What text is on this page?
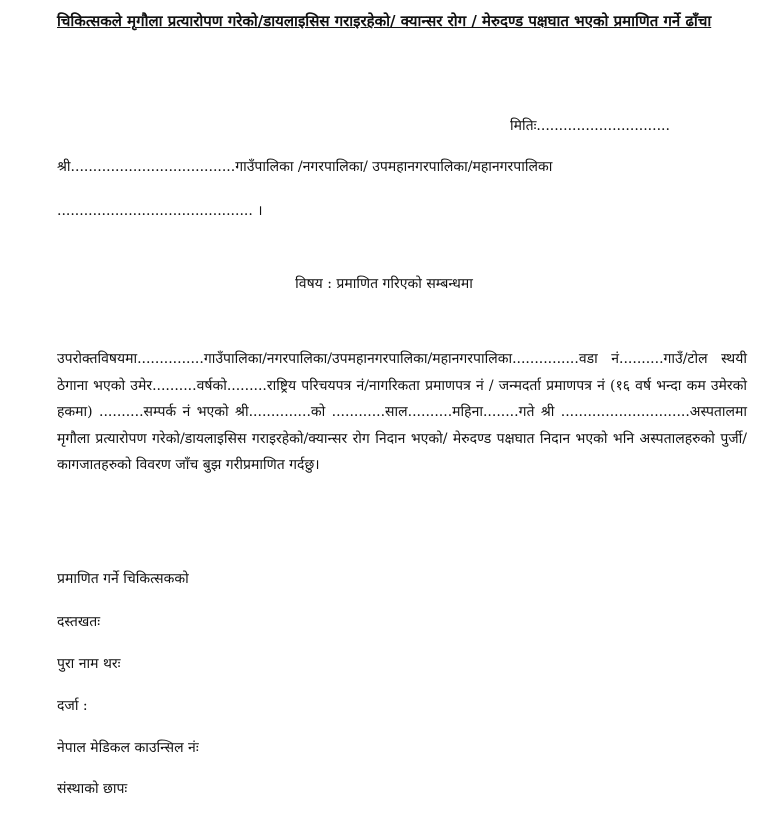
चिकित्सकले मृगौला प्रत्यारोपण गरेको/डायलाइसिस गराइरहेको/ क्यान्सर रोग / मेरुदण्ड पक्षघात भएको प्रमाणित गर्ने ढाँचा
मितिः..............................
श्री.....................................गाउँपालिका /नगरपालिका/ उपमहानगरपालिका/महानगरपालिका
............................................ ।
विषय : प्रमाणित गरिएको सम्बन्धमा
उपरोक्तविषयमा...............गाउँपालिका/नगरपालिका/उपमहानगरपालिका/महानगरपालिका...............वडा नं..........गाउँ/टोल स्थयी ठेगाना भएको उमेर..........वर्षको.........राष्ट्रिय परिचयपत्र नं/नागरिकता प्रमाणपत्र नं / जन्मदर्ता प्रमाणपत्र नं (१६ वर्ष भन्दा कम उमेरको हकमा) ..........सम्पर्क नं भएको श्री..............को ............साल..........महिना........गते श्री .............................अस्पतालमा मृगौला प्रत्यारोपण गरेको/डायलाइसिस गराइरहेको/क्यान्सर रोग निदान भएको/ मेरुदण्ड पक्षघात निदान भएको भनि अस्पतालहरुको पुर्जी/ कागजातहरुको विवरण जाँच बुझ गरीप्रमाणित गर्दछु।
प्रमाणित गर्ने चिकित्सकको
दस्तखतः
पुरा नाम थरः
दर्जा :
नेपाल मेडिकल काउन्सिल नंः
संस्थाको छापः
